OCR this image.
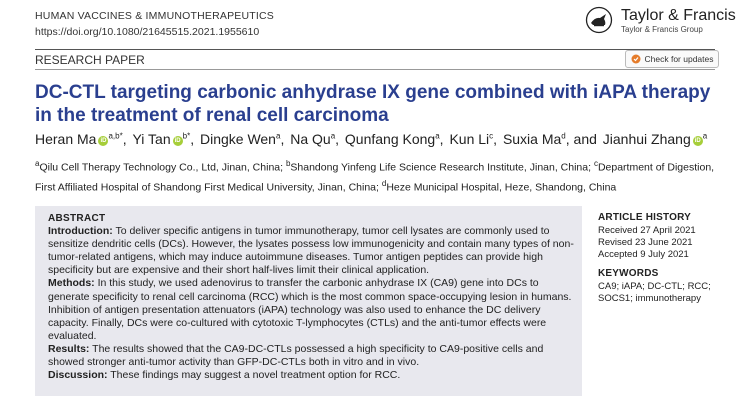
HUMAN VACCINES & IMMUNOTHERAPEUTICS
https://doi.org/10.1080/21645515.2021.1955610
Taylor & Francis
Taylor & Francis Group
RESEARCH PAPER	Check for updates
DC-CTL targeting carbonic anhydrase IX gene combined with iAPA therapy in the treatment of renal cell carcinoma
Heran Ma $iD^{a,b*}$, Yi Tan $iD^{b*}$, Dingke Wen$^a$, Na Qu$^a$, Qunfang Kong$^a$, Kun Li$^c$, Suxia Ma$^d$, and Jianhui Zhang $iD^a$
$^a$Qilu Cell Therapy Technology Co., Ltd, Jinan, China; $^b$Shandong Yinfeng Life Science Research Institute, Jinan, China; $^c$Department of Digestion, First Affiliated Hospital of Shandong First Medical University, Jinan, China; $^d$Heze Municipal Hospital, Heze, Shandong, China
ABSTRACT

Introduction: To deliver specific antigens in tumor immunotherapy, tumor cell lysates are commonly used to sensitize dendritic cells (DCs). However, the lysates possess low immunogenicity and contain many types of non-tumor-related antigens, which may induce autoimmune diseases. Tumor antigen peptides can provide high specificity but are expensive and their short half-lives limit their clinical application.

Methods: In this study, we used adenovirus to transfer the carbonic anhydrase IX (CA9) gene into DCs to generate specificity to renal cell carcinoma (RCC) which is the most common space-occupying lesion in humans. Inhibition of antigen presentation attenuators (iAPA) technology was also used to enhance the DC delivery capacity. Finally, DCs were co-cultured with cytotoxic T-lymphocytes (CTLs) and the anti-tumor effects were evaluated.

Results: The results showed that the CA9-DC-CTLs possessed a high specificity to CA9-positive cells and showed stronger anti-tumor activity than GFP-DC-CTLs both in vitro and in vivo.

Discussion: These findings may suggest a novel treatment option for RCC.

ARTICLE HISTORY
Received 27 April 2021
Revised 23 June 2021
Accepted 9 July 2021
KEYWORDS
CA9; iAPA; DC-CTL; RCC; SOCS1; immunotherapy
